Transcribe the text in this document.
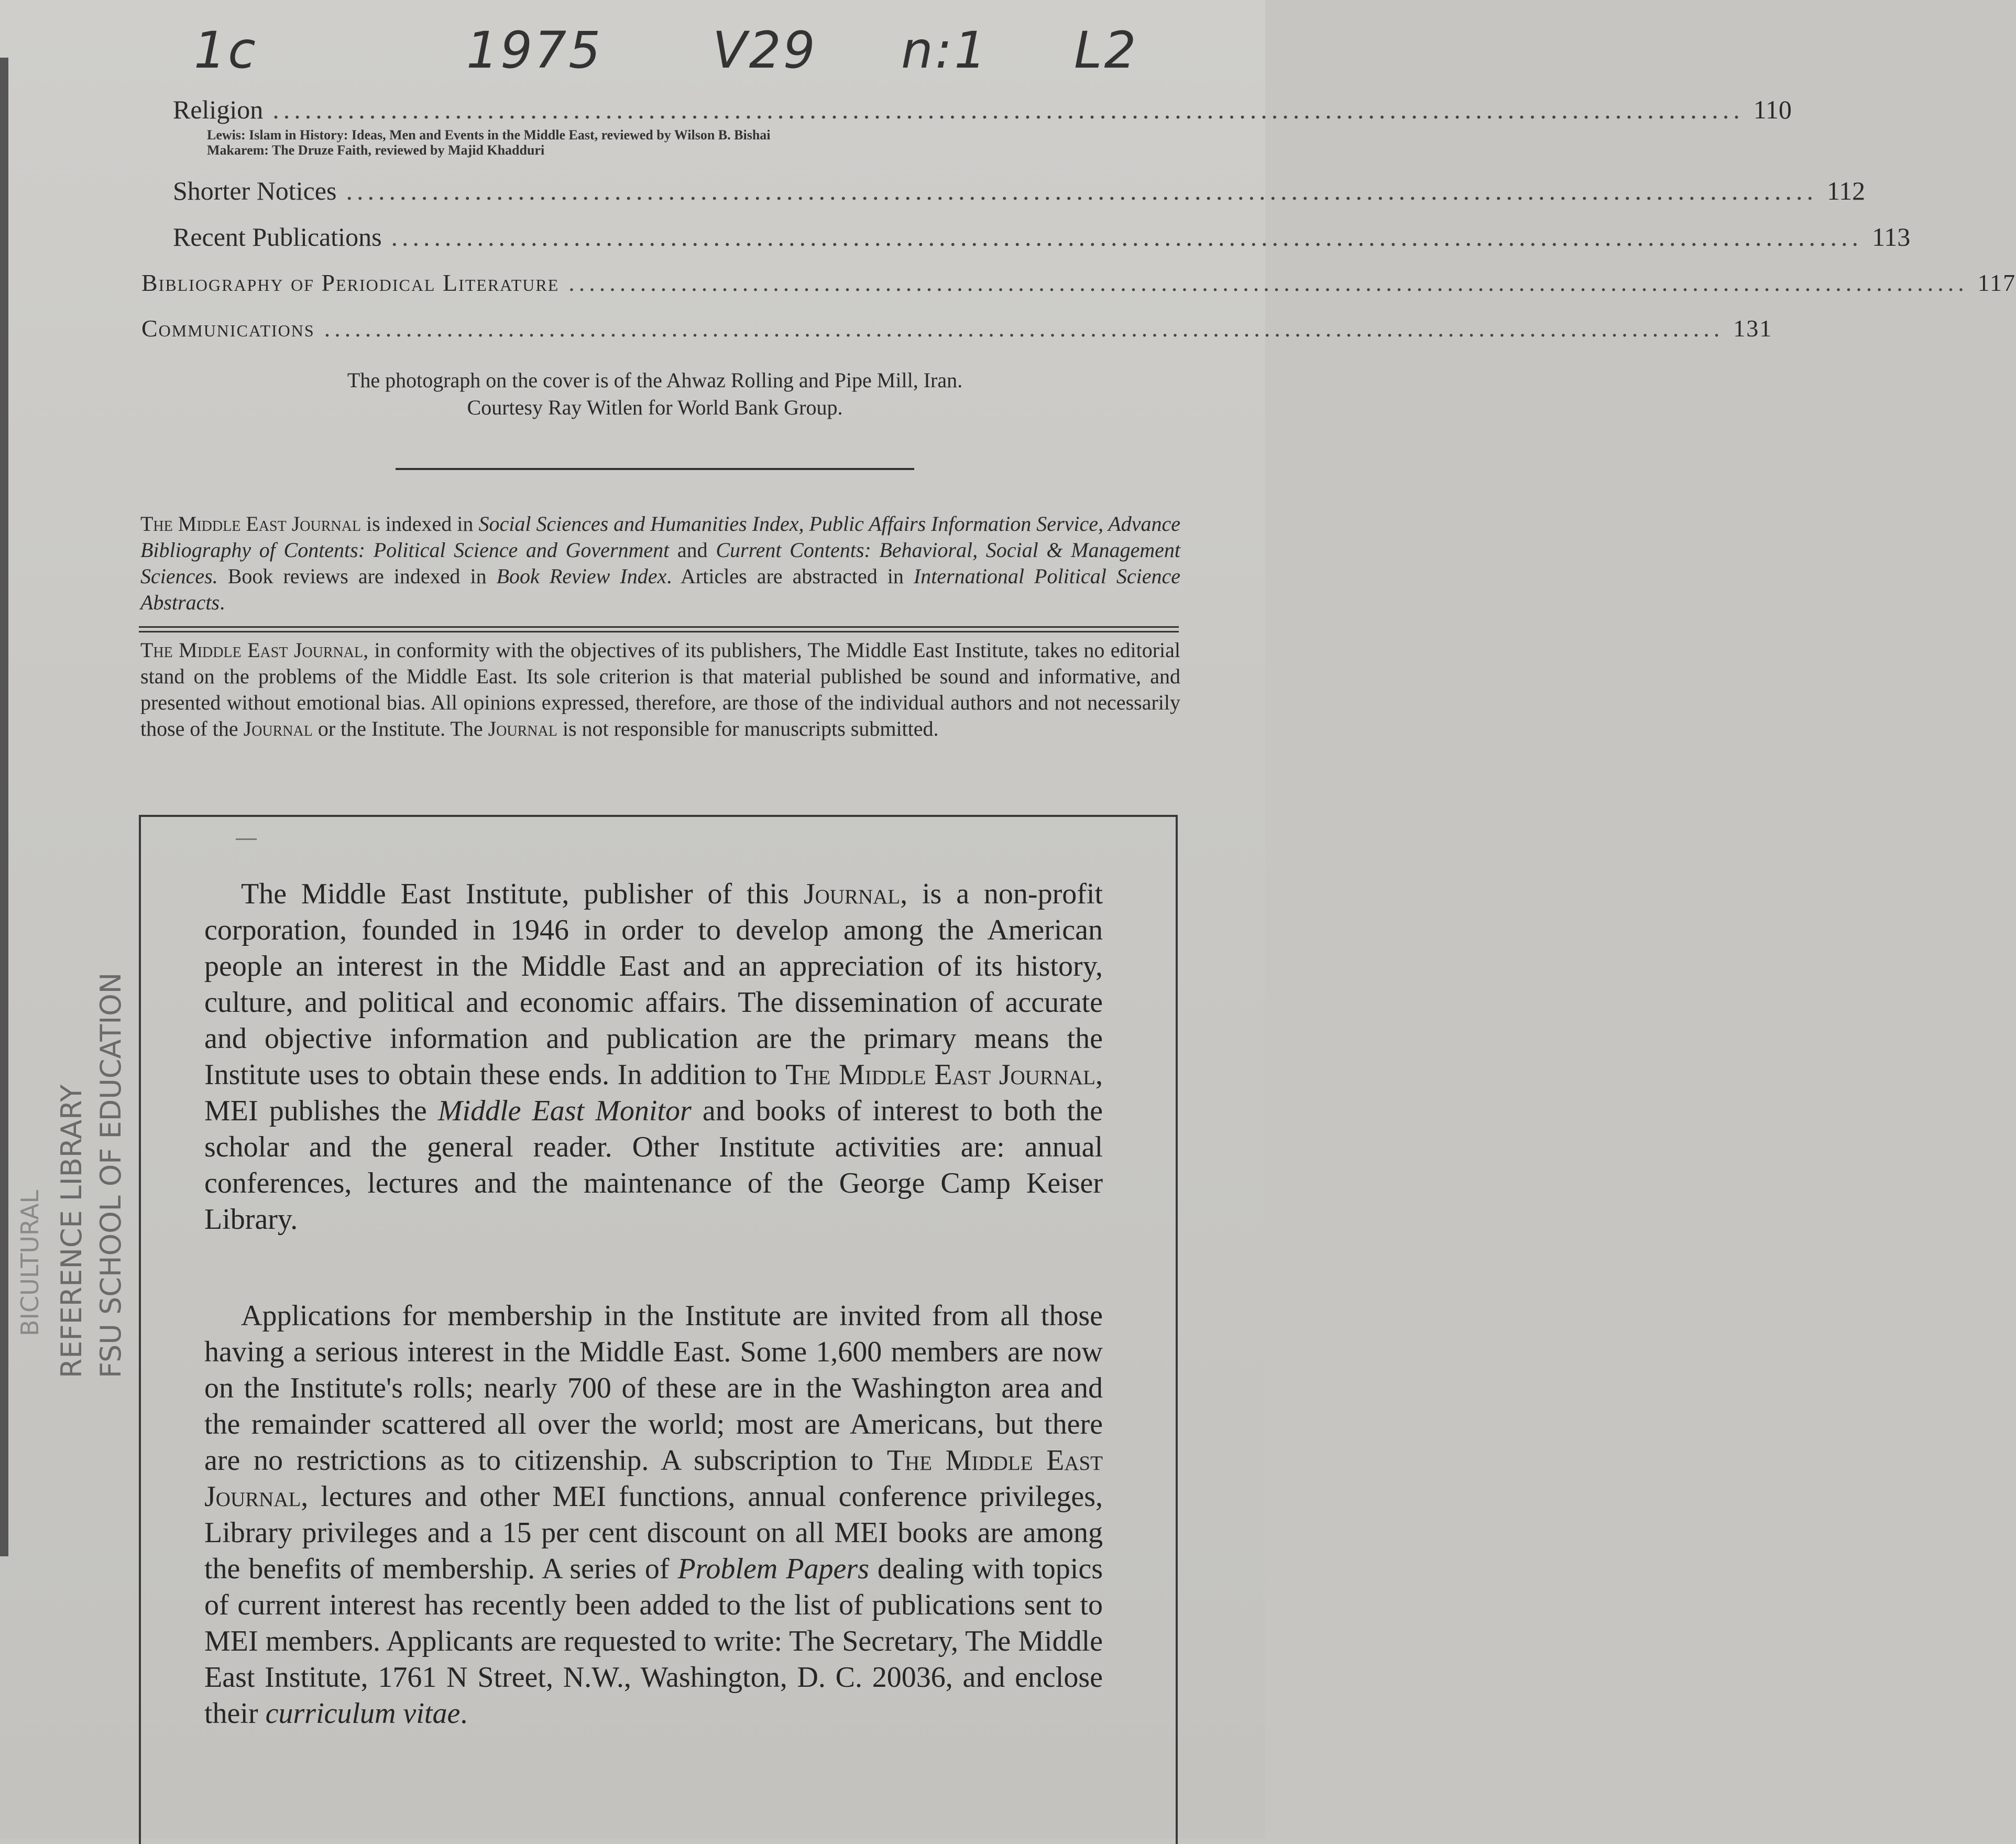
1c	1975 V29 n:1 L2
Religion ......................................................................................................................................... 110
Lewis: Islam in History: Ideas, Men and Events in the Middle East, reviewed by Wilson B. Bishai
Makarem: The Druze Faith, reviewed by Majid Khadduri
Shorter Notices ......................................................................................................................................... 112
Recent Publications ......................................................................................................................................... 113
Bibliography of Periodical Literature ......................................................................................................................................... 117
Communications ......................................................................................................................................... 131
The photograph on the cover is of the Ahwaz Rolling and Pipe Mill, Iran.
Courtesy Ray Witlen for World Bank Group.
The Middle East Journal is indexed in Social Sciences and Humanities Index, Public Affairs Information Service, Advance Bibliography of Contents: Political Science and Government and Current Contents: Behavioral, Social & Management Sciences. Book reviews are indexed in Book Review Index. Articles are abstracted in International Political Science Abstracts.
The Middle East Journal, in conformity with the objectives of its publishers, The Middle East Institute, takes no editorial stand on the problems of the Middle East. Its sole criterion is that material published be sound and informative, and presented without emotional bias. All opinions expressed, therefore, are those of the individual authors and not necessarily those of the Journal or the Institute. The Journal is not responsible for manuscripts submitted.
The Middle East Institute, publisher of this Journal, is a non-profit corporation, founded in 1946 in order to develop among the American people an interest in the Middle East and an appreciation of its history, culture, and political and economic affairs. The dissemination of accurate and objective information and publication are the primary means the Institute uses to obtain these ends. In addition to The Middle East Journal, MEI publishes the Middle East Monitor and books of interest to both the scholar and the general reader. Other Institute activities are: annual conferences, lectures and the maintenance of the George Camp Keiser Library.
Applications for membership in the Institute are invited from all those having a serious interest in the Middle East. Some 1,600 members are now on the Institute's rolls; nearly 700 of these are in the Washington area and the remainder scattered all over the world; most are Americans, but there are no restrictions as to citizenship. A subscription to The Middle East Journal, lectures and other MEI functions, annual conference privileges, Library privileges and a 15 per cent discount on all MEI books are among the benefits of membership. A series of Problem Papers dealing with topics of current interest has recently been added to the list of publications sent to MEI members. Applicants are requested to write: The Secretary, The Middle East Institute, 1761 N Street, N.W., Washington, D. C. 20036, and enclose their curriculum vitae.
BICULTURAL REFERENCE LIBRARY FSU SCHOOL OF EDUCATION
